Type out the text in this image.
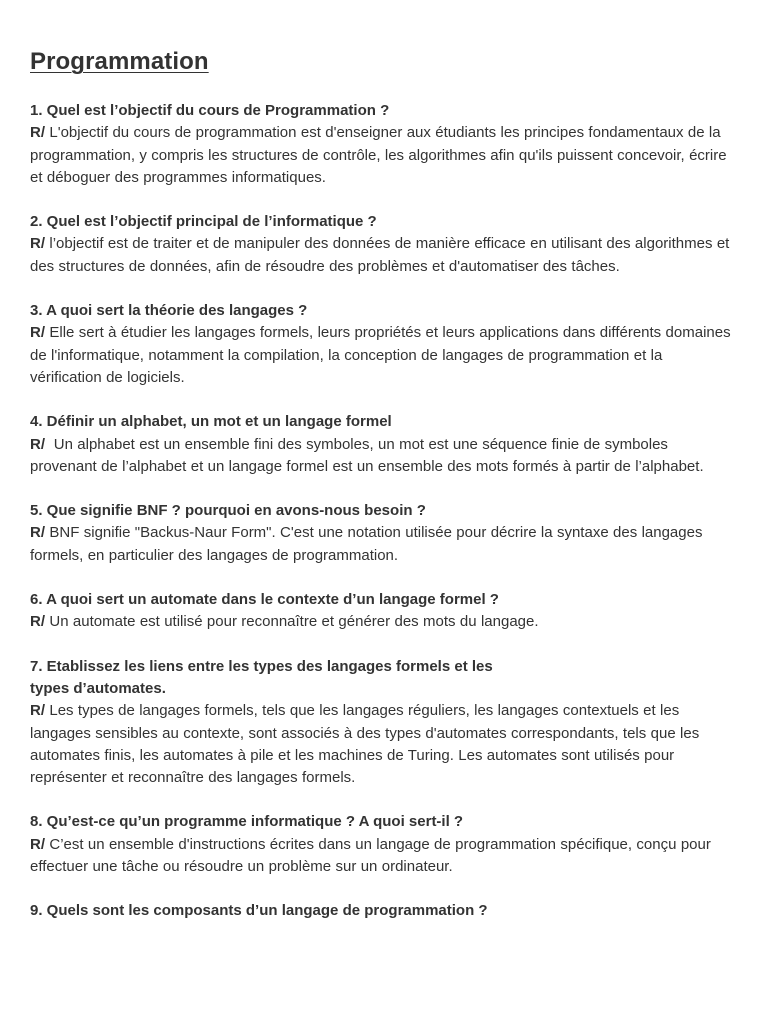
Programmation

1. Quel est l’objectif du cours de Programmation ?

R/ L'objectif du cours de programmation est d'enseigner aux étudiants les principes fondamentaux de la programmation, y compris les structures de contrôle, les algorithmes afin qu'ils puissent concevoir, écrire et déboguer des programmes informatiques.

2. Quel est l’objectif principal de l’informatique ?

R/ l’objectif est de traiter et de manipuler des données de manière efficace en utilisant des algorithmes et des structures de données, afin de résoudre des problèmes et d'automatiser des tâches.

3. A quoi sert la théorie des langages ?

R/ Elle sert à étudier les langages formels, leurs propriétés et leurs applications dans différents domaines de l'informatique, notamment la compilation, la conception de langages de programmation et la vérification de logiciels.

4. Définir un alphabet, un mot et un langage formel

R/  Un alphabet est un ensemble fini des symboles, un mot est une séquence finie de symboles provenant de l’alphabet et un langage formel est un ensemble des mots formés à partir de l’alphabet.

5. Que signifie BNF ? pourquoi en avons-nous besoin ?

R/ BNF signifie "Backus-Naur Form". C'est une notation utilisée pour décrire la syntaxe des langages formels, en particulier des langages de programmation.

6. A quoi sert un automate dans le contexte d’un langage formel ?

R/ Un automate est utilisé pour reconnaître et générer des mots du langage.

7. Etablissez les liens entre les types des langages formels et les

types d’automates.

R/ Les types de langages formels, tels que les langages réguliers, les langages contextuels et les langages sensibles au contexte, sont associés à des types d'automates correspondants, tels que les automates finis, les automates à pile et les machines de Turing. Les automates sont utilisés pour représenter et reconnaître des langages formels.

8. Qu’est-ce qu’un programme informatique ? A quoi sert-il ?

R/ C’est un ensemble d'instructions écrites dans un langage de programmation spécifique, conçu pour effectuer une tâche ou résoudre un problème sur un ordinateur.

9. Quels sont les composants d’un langage de programmation ?
